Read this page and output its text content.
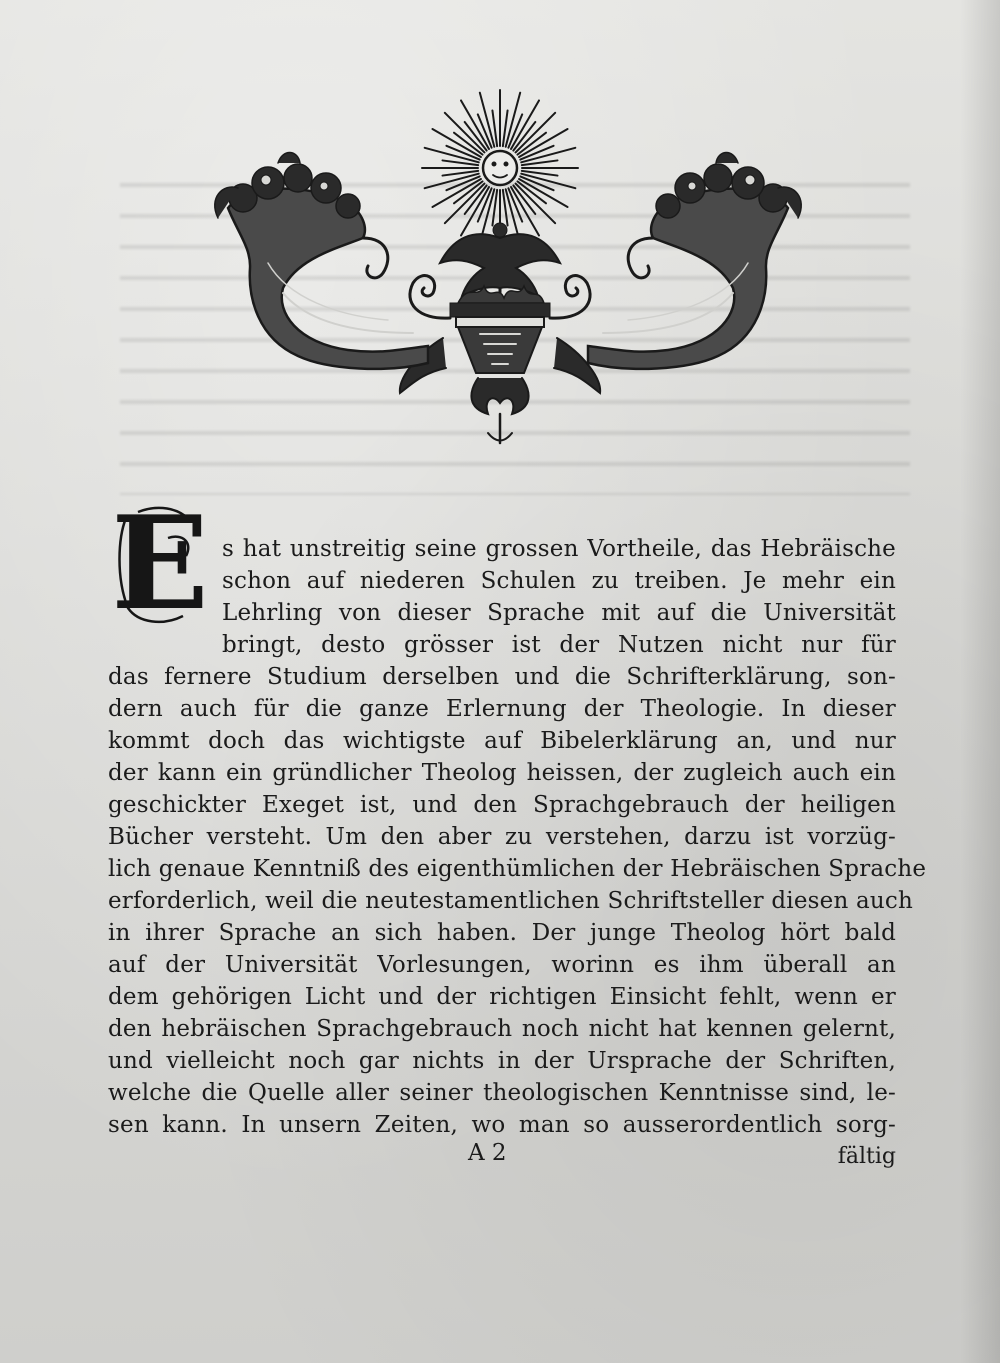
E s hat unstreitig seine grossen Vortheile, das Hebräische
schon auf niederen Schulen zu treiben. Je mehr ein
Lehrling von dieser Sprache mit auf die Universität
bringt, desto grösser ist der Nutzen nicht nur für
das fernere Studium derselben und die Schrifterklärung, son-
dern auch für die ganze Erlernung der Theologie. In dieser
kommt doch das wichtigste auf Bibelerklärung an, und nur
der kann ein gründlicher Theolog heissen, der zugleich auch ein
geschickter Exeget ist, und den Sprachgebrauch der heiligen
Bücher versteht. Um den aber zu verstehen, darzu ist vorzüg-
lich genaue Kenntniß des eigenthümlichen der Hebräischen Sprache
erforderlich, weil die neutestamentlichen Schriftsteller diesen auch
in ihrer Sprache an sich haben. Der junge Theolog hört bald
auf der Universität Vorlesungen, worinn es ihm überall an
dem gehörigen Licht und der richtigen Einsicht fehlt, wenn er
den hebräischen Sprachgebrauch noch nicht hat kennen gelernt,
und vielleicht noch gar nichts in der Ursprache der Schriften,
welche die Quelle aller seiner theologischen Kenntnisse sind, le-
sen kann. In unsern Zeiten, wo man so ausserordentlich sorg-
A 2	fältig
